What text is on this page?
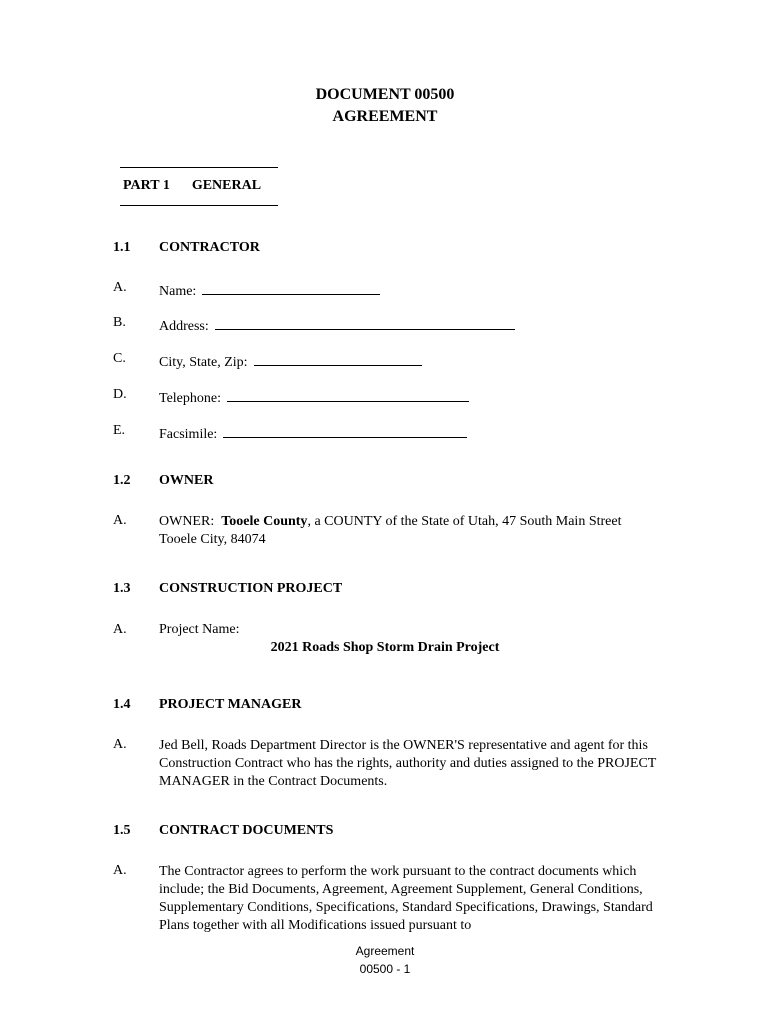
DOCUMENT 00500
AGREEMENT
PART 1 GENERAL
1.1 CONTRACTOR
A. Name:
B. Address:
C. City, State, Zip:
D. Telephone:
E. Facsimile:
1.2 OWNER
A. OWNER: Tooele County, a COUNTY of the State of Utah, 47 South Main Street Tooele City, 84074
1.3 CONSTRUCTION PROJECT
A. Project Name:
2021 Roads Shop Storm Drain Project
1.4 PROJECT MANAGER
A. Jed Bell, Roads Department Director is the OWNER'S representative and agent for this Construction Contract who has the rights, authority and duties assigned to the PROJECT MANAGER in the Contract Documents.
1.5 CONTRACT DOCUMENTS
A. The Contractor agrees to perform the work pursuant to the contract documents which include; the Bid Documents, Agreement, Agreement Supplement, General Conditions, Supplementary Conditions, Specifications, Standard Specifications, Drawings, Standard Plans together with all Modifications issued pursuant to
Agreement
00500 - 1
